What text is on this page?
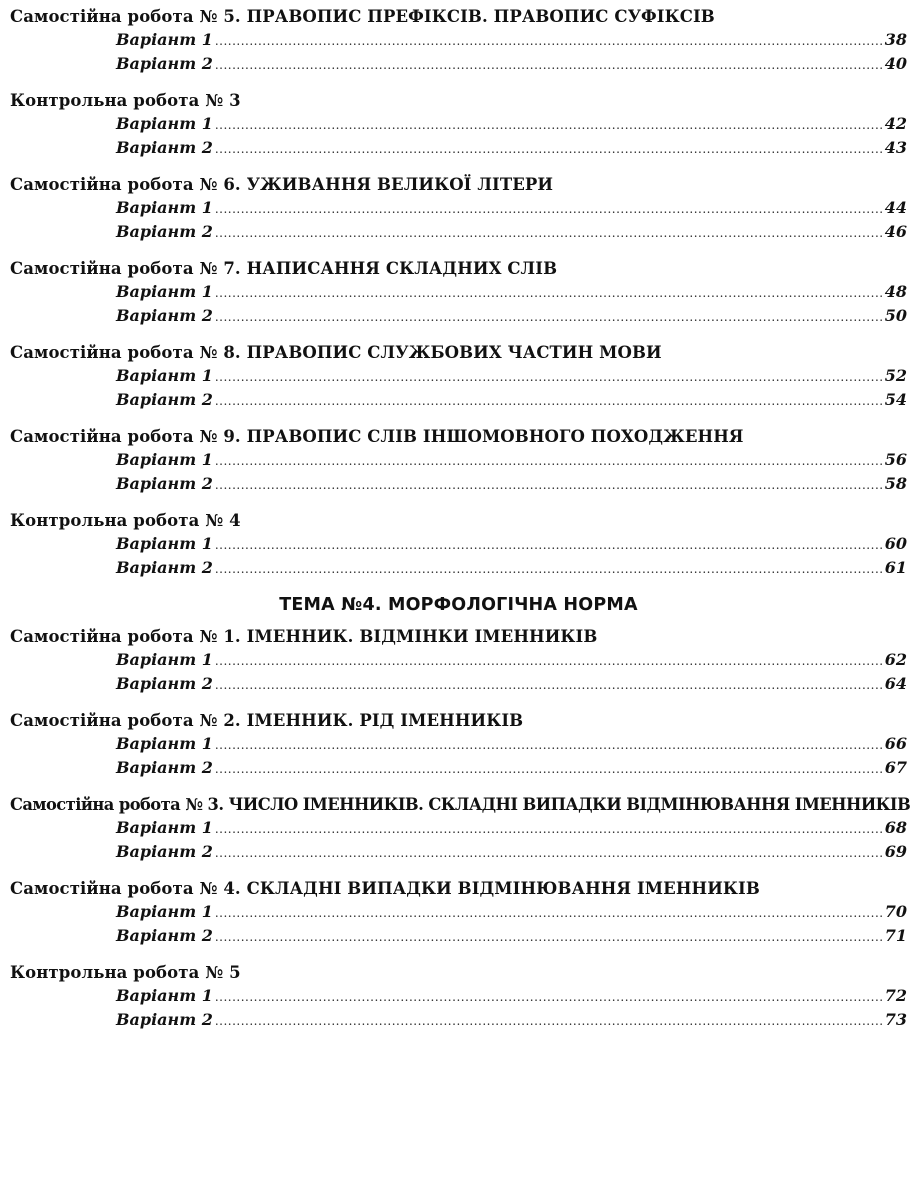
Самостійна робота № 5. ПРАВОПИС ПРЕФІКСІВ. ПРАВОПИС СУФІКСІВ
Варіант 1 .....	38
Варіант 2 .....	40
Контрольна робота № 3
Варіант 1 .....	42
Варіант 2 .....	43
Самостійна робота № 6. УЖИВАННЯ ВЕЛИКОЇ ЛІТЕРИ
Варіант 1 .....	44
Варіант 2 .....	46
Самостійна робота № 7. НАПИСАННЯ СКЛАДНИХ СЛІВ
Варіант 1 .....	48
Варіант 2 .....	50
Самостійна робота № 8. ПРАВОПИС СЛУЖБОВИХ ЧАСТИН МОВИ
Варіант 1 .....	52
Варіант 2 .....	54
Самостійна робота № 9. ПРАВОПИС СЛІВ ІНШОМОВНОГО ПОХОДЖЕННЯ
Варіант 1 .....	56
Варіант 2 .....	58
Контрольна робота № 4
Варіант 1 .....	60
Варіант 2 .....	61
ТЕМА №4. МОРФОЛОГІЧНА НОРМА
Самостійна робота № 1. ІМЕННИК. ВІДМІНКИ ІМЕННИКІВ
Варіант 1 .....	62
Варіант 2 .....	64
Самостійна робота № 2. ІМЕННИК. РІД ІМЕННИКІВ
Варіант 1 .....	66
Варіант 2 .....	67
Самостійна робота № 3. ЧИСЛО ІМЕННИКІВ. СКЛАДНІ ВИПАДКИ ВІДМІНЮВАННЯ ІМЕННИКІВ
Варіант 1 .....	68
Варіант 2 .....	69
Самостійна робота № 4. СКЛАДНІ ВИПАДКИ ВІДМІНЮВАННЯ ІМЕННИКІВ
Варіант 1 .....	70
Варіант 2 .....	71
Контрольна робота № 5
Варіант 1 .....	72
Варіант 2 .....	73
